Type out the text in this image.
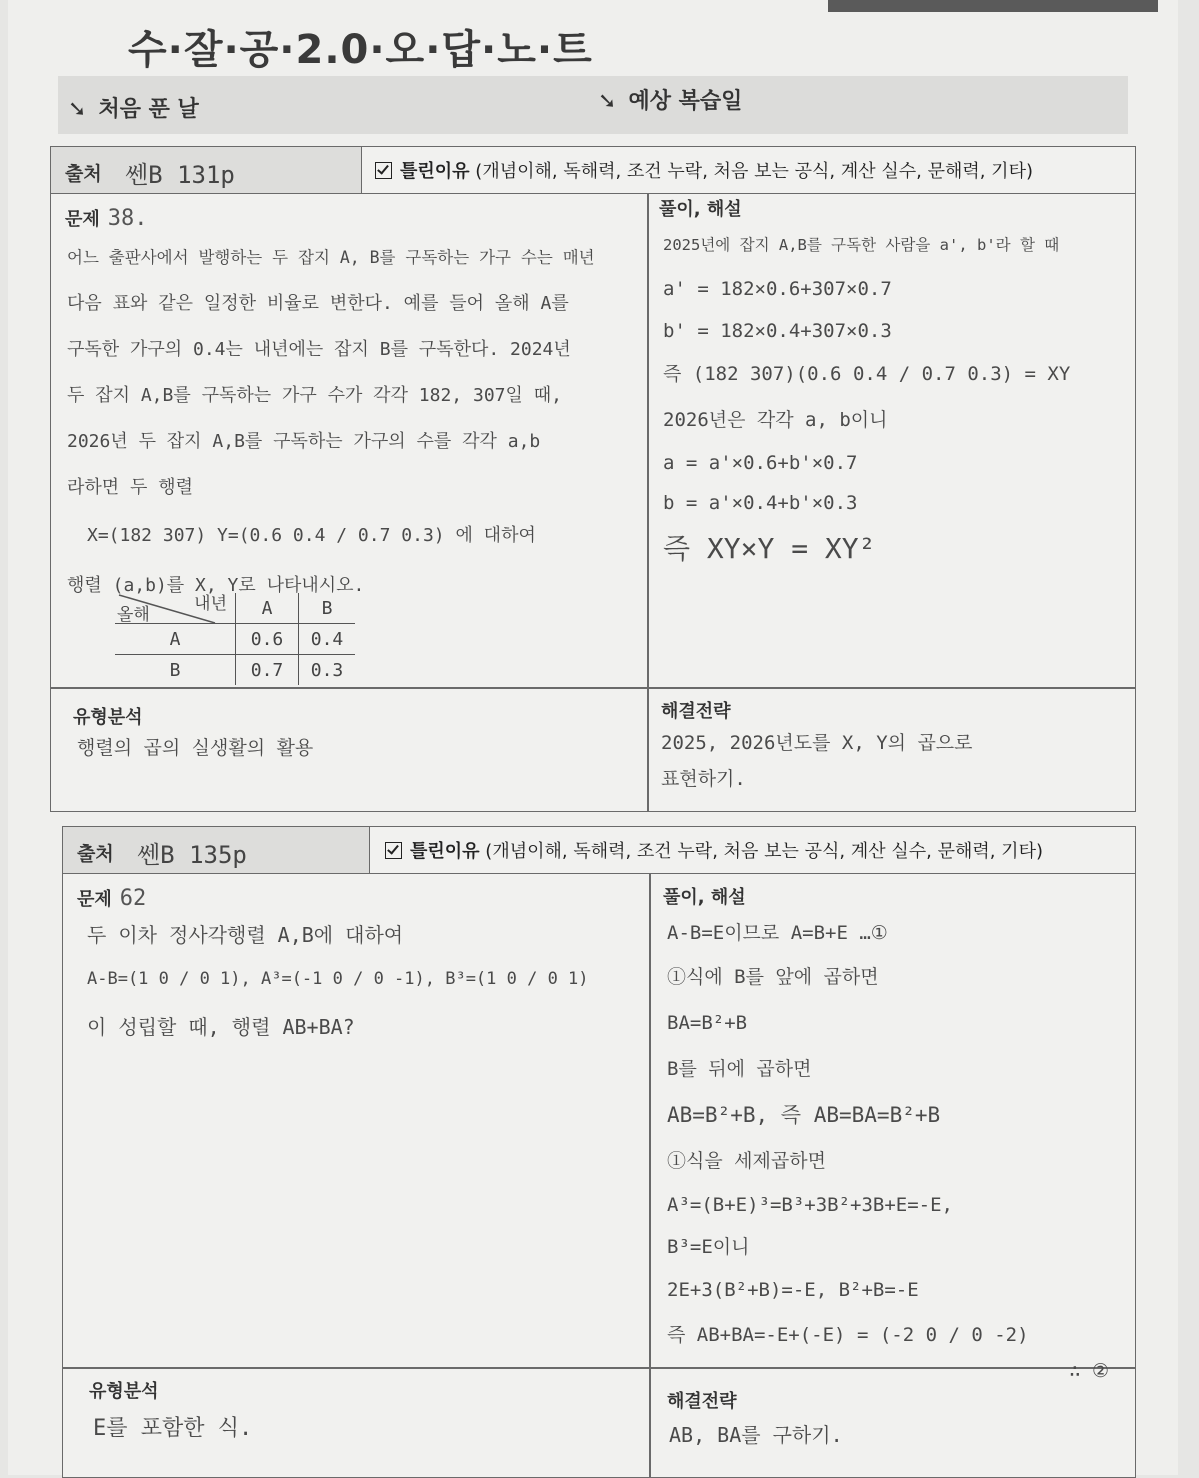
수·잘·공·2.0·오·답·노·트
➘ 처음 푼 날	➘ 예상 복습일
출처 쎈B 131p	틀린이유 (개념이해, 독해력, 조건 누락, 처음 보는 공식, 계산 실수, 문해력, 기타)
문제 38.
어느 출판사에서 발행하는 두 잡지 A, B를 구독하는 가구 수는 매년
다음 표와 같은 일정한 비율로 변한다. 예를 들어 올해 A를
구독한 가구의 0.4는 내년에는 잡지 B를 구독한다. 2024년
두 잡지 A,B를 구독하는 가구 수가 각각 182, 307일 때,
2026년 두 잡지 A,B를 구독하는 가구의 수를 각각 a,b
라하면 두 행렬
X=(182 307) Y=(0.6 0.4 / 0.7 0.3) 에 대하여
행렬 (a,b)를 X, Y로 나타내시오.
내년
올해	A	B
A	0.6	0.4
B	0.7	0.3
풀이, 해설
2025년에 잡지 A,B를 구독한 사람을 a', b'라 할 때
a' = 182×0.6+307×0.7
b' = 182×0.4+307×0.3
즉 (182 307)(0.6 0.4 / 0.7 0.3) = XY
2026년은 각각 a, b이니
a = a'×0.6+b'×0.7
b = a'×0.4+b'×0.3
즉 XY×Y = XY²
유형분석
행렬의 곱의 실생활의 활용
해결전략
2025, 2026년도를 X, Y의 곱으로
표현하기.
출처 쎈B 135p	틀린이유 (개념이해, 독해력, 조건 누락, 처음 보는 공식, 계산 실수, 문해력, 기타)
문제 62
두 이차 정사각행렬 A,B에 대하여
A-B=(1 0 / 0 1), A³=(-1 0 / 0 -1), B³=(1 0 / 0 1)
이 성립할 때, 행렬 AB+BA?
풀이, 해설
A-B=E이므로 A=B+E …①
①식에 B를 앞에 곱하면
BA=B²+B
B를 뒤에 곱하면
AB=B²+B, 즉 AB=BA=B²+B
①식을 세제곱하면
A³=(B+E)³=B³+3B²+3B+E=-E,
B³=E이니
2E+3(B²+B)=-E, B²+B=-E
즉 AB+BA=-E+(-E) = (-2 0 / 0 -2)
∴ ②
유형분석
E를 포함한 식.
해결전략
AB, BA를 구하기.
